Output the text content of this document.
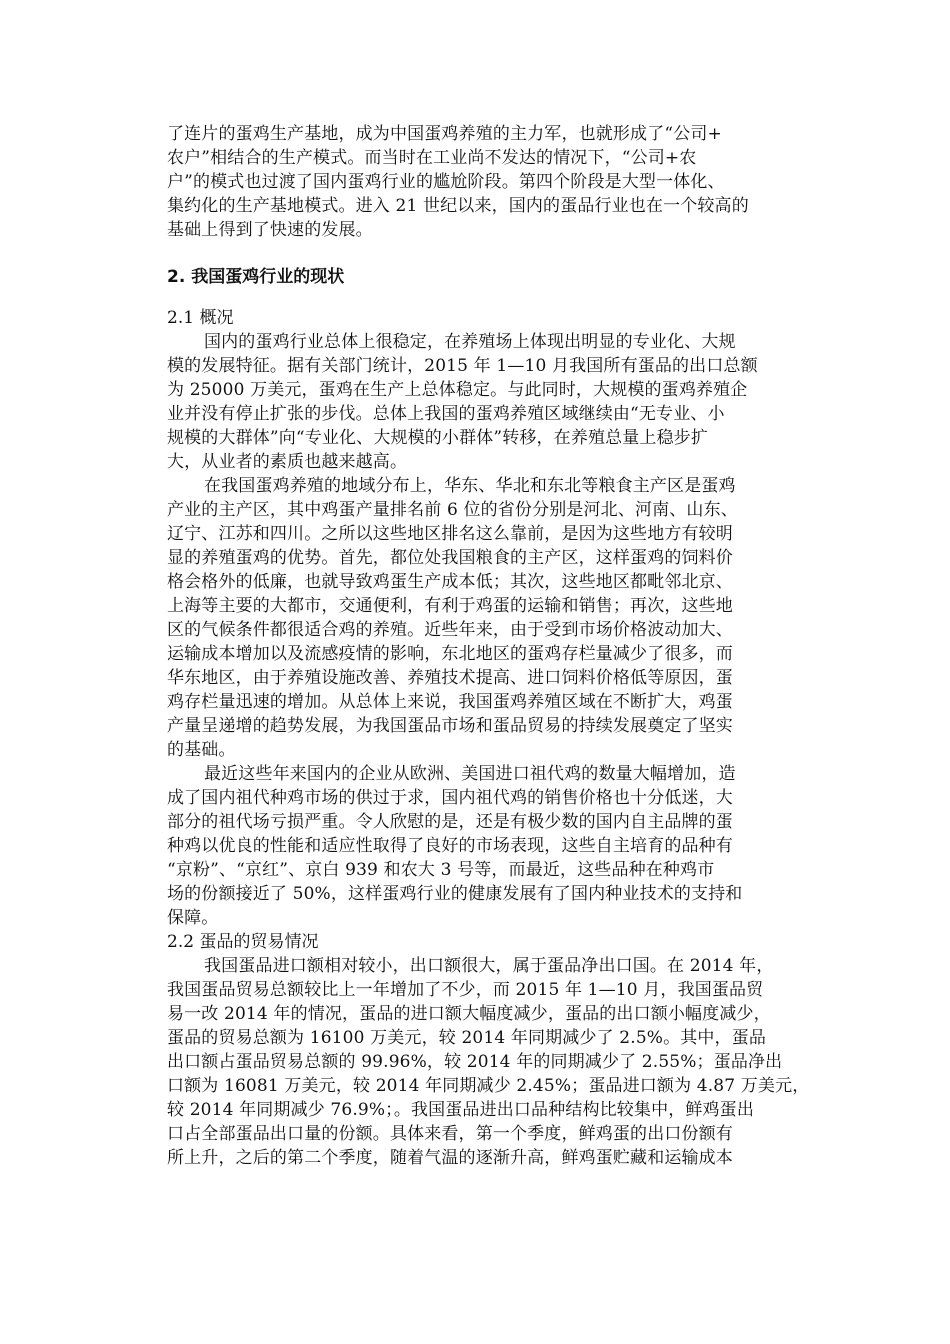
了连片的蛋鸡生产基地，成为中国蛋鸡养殖的主力军，也就形成了“公司+
农户”相结合的生产模式。而当时在工业尚不发达的情况下，“公司+农
户”的模式也过渡了国内蛋鸡行业的尴尬阶段。第四个阶段是大型一体化、
集约化的生产基地模式。进入 21 世纪以来，国内的蛋品行业也在一个较高的
基础上得到了快速的发展。
2. 我国蛋鸡行业的现状
2.1 概况
国内的蛋鸡行业总体上很稳定，在养殖场上体现出明显的专业化、大规
模的发展特征。据有关部门统计，2015 年 1—10 月我国所有蛋品的出口总额
为 25000 万美元，蛋鸡在生产上总体稳定。与此同时，大规模的蛋鸡养殖企
业并没有停止扩张的步伐。总体上我国的蛋鸡养殖区域继续由“无专业、小
规模的大群体”向“专业化、大规模的小群体”转移，在养殖总量上稳步扩
大，从业者的素质也越来越高。
在我国蛋鸡养殖的地域分布上，华东、华北和东北等粮食主产区是蛋鸡
产业的主产区，其中鸡蛋产量排名前 6 位的省份分别是河北、河南、山东、
辽宁、江苏和四川。之所以这些地区排名这么靠前，是因为这些地方有较明
显的养殖蛋鸡的优势。首先，都位处我国粮食的主产区，这样蛋鸡的饲料价
格会格外的低廉，也就导致鸡蛋生产成本低；其次，这些地区都毗邻北京、
上海等主要的大都市，交通便利，有利于鸡蛋的运输和销售；再次，这些地
区的气候条件都很适合鸡的养殖。近些年来，由于受到市场价格波动加大、
运输成本增加以及流感疫情的影响，东北地区的蛋鸡存栏量减少了很多，而
华东地区，由于养殖设施改善、养殖技术提高、进口饲料价格低等原因，蛋
鸡存栏量迅速的增加。从总体上来说，我国蛋鸡养殖区域在不断扩大，鸡蛋
产量呈递增的趋势发展，为我国蛋品市场和蛋品贸易的持续发展奠定了坚实
的基础。
最近这些年来国内的企业从欧洲、美国进口祖代鸡的数量大幅增加，造
成了国内祖代种鸡市场的供过于求，国内祖代鸡的销售价格也十分低迷，大
部分的祖代场亏损严重。令人欣慰的是，还是有极少数的国内自主品牌的蛋
种鸡以优良的性能和适应性取得了良好的市场表现，这些自主培育的品种有
“京粉”、“京红”、京白 939 和农大 3 号等，而最近，这些品种在种鸡市
场的份额接近了 50%，这样蛋鸡行业的健康发展有了国内种业技术的支持和
保障。
2.2 蛋品的贸易情况
我国蛋品进口额相对较小，出口额很大，属于蛋品净出口国。在 2014 年，
我国蛋品贸易总额较比上一年增加了不少，而 2015 年 1—10 月，我国蛋品贸
易一改 2014 年的情况，蛋品的进口额大幅度减少，蛋品的出口额小幅度减少，
蛋品的贸易总额为 16100 万美元，较 2014 年同期减少了 2.5%。其中，蛋品
出口额占蛋品贸易总额的 99.96%，较 2014 年的同期减少了 2.55%；蛋品净出
口额为 16081 万美元，较 2014 年同期减少 2.45%；蛋品进口额为 4.87 万美元，
较 2014 年同期减少 76.9%；。我国蛋品进出口品种结构比较集中，鲜鸡蛋出
口占全部蛋品出口量的份额。具体来看，第一个季度，鲜鸡蛋的出口份额有
所上升，之后的第二个季度，随着气温的逐渐升高，鲜鸡蛋贮藏和运输成本
